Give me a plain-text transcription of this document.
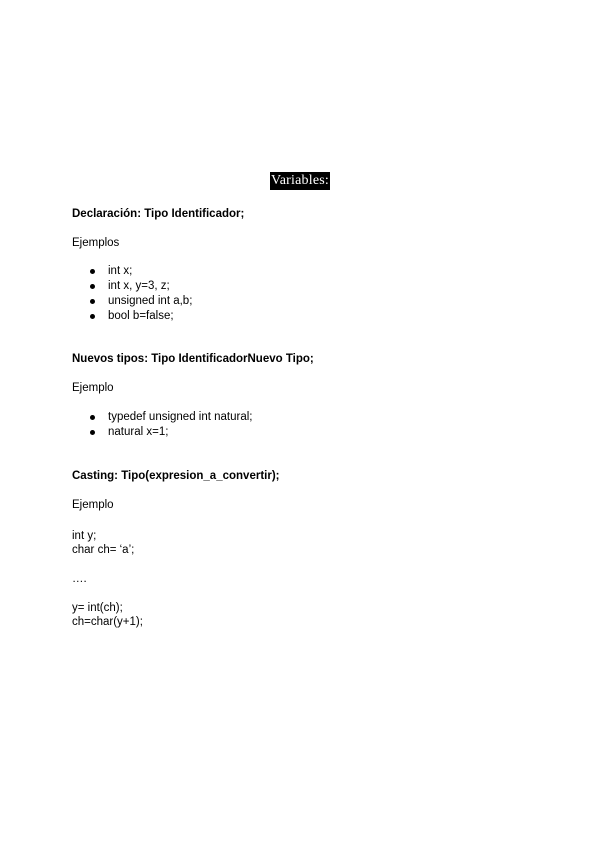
Variables:
Declaración: Tipo Identificador;
Ejemplos
int x;
int x, y=3, z;
unsigned int a,b;
bool b=false;
Nuevos tipos: Tipo IdentificadorNuevo Tipo;
Ejemplo
typedef unsigned int natural;
natural x=1;
Casting: Tipo(expresion_a_convertir);
Ejemplo
int y;
char ch= ‘a’;
….
y= int(ch);
ch=char(y+1);
